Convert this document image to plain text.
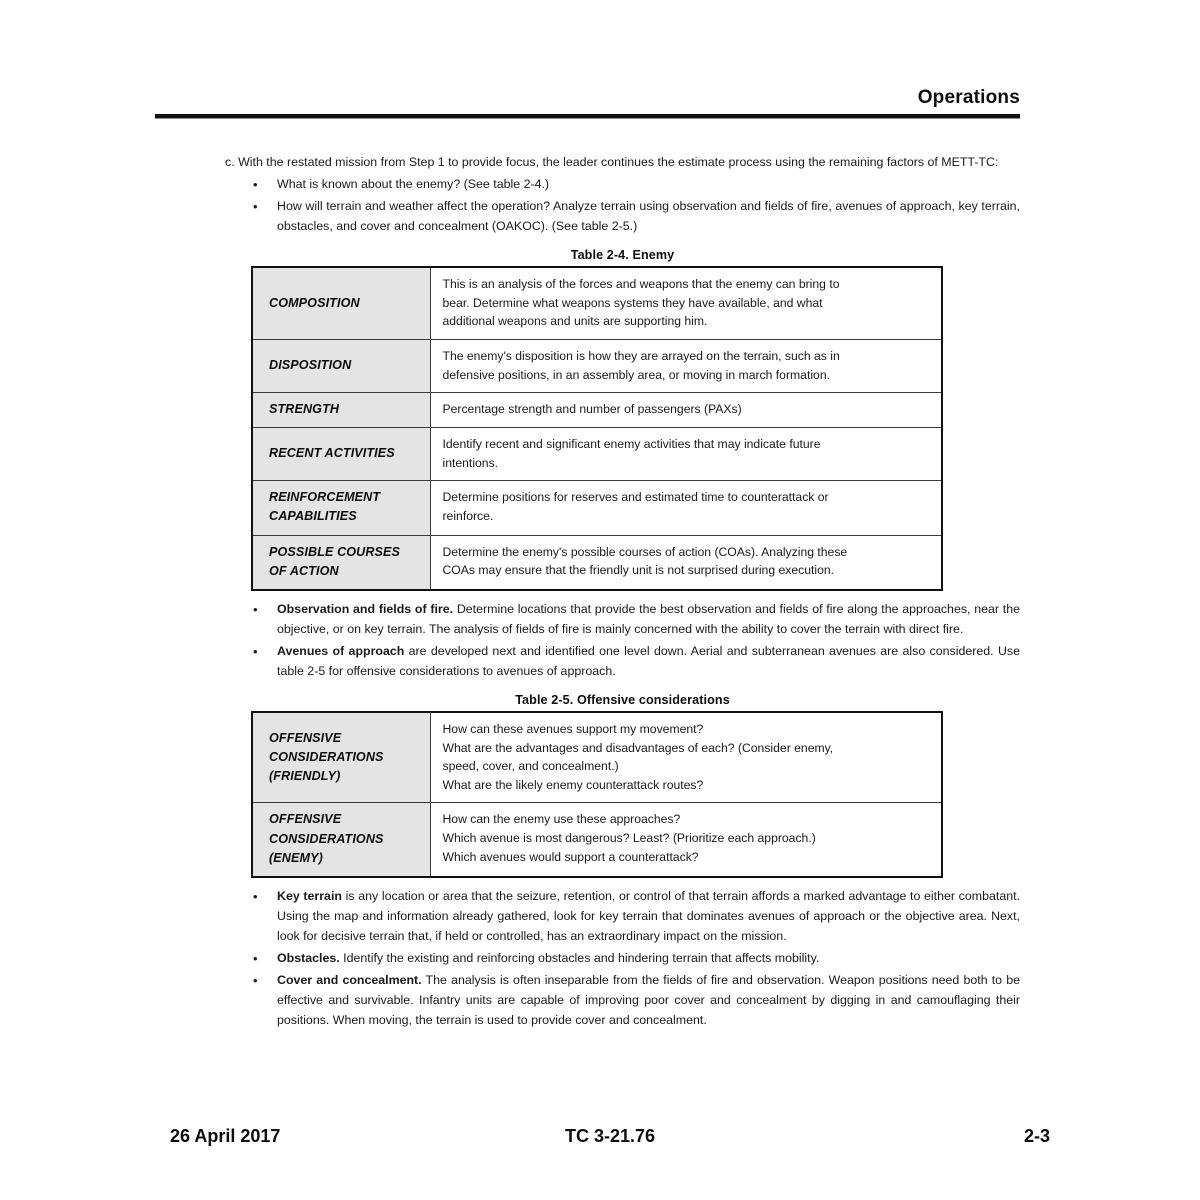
Operations

c. With the restated mission from Step 1 to provide focus, the leader continues the estimate process using the remaining factors of METT-TC:

• What is known about the enemy? (See table 2-4.)
• How will terrain and weather affect the operation? Analyze terrain using observation and fields of fire, avenues of approach, key terrain, obstacles, and cover and concealment (OAKOC). (See table 2-5.)
Table 2-4. Enemy
COMPOSITION	This is an analysis of the forces and weapons that the enemy can bring to
bear. Determine what weapons systems they have available, and what
additional weapons and units are supporting him.

DISPOSITION	The enemy's disposition is how they are arrayed on the terrain, such as in
defensive positions, in an assembly area, or moving in march formation.

STRENGTH	Percentage strength and number of passengers (PAXs)

RECENT ACTIVITIES	Identify recent and significant enemy activities that may indicate future
intentions.

REINFORCEMENT CAPABILITIES	Determine positions for reserves and estimated time to counterattack or
reinforce.

POSSIBLE COURSES OF ACTION	Determine the enemy's possible courses of action (COAs). Analyzing these
COAs may ensure that the friendly unit is not surprised during execution.
• Observation and fields of fire. Determine locations that provide the best observation and fields of fire along the approaches, near the objective, or on key terrain. The analysis of fields of fire is mainly concerned with the ability to cover the terrain with direct fire.
• Avenues of approach are developed next and identified one level down. Aerial and subterranean avenues are also considered. Use table 2-5 for offensive considerations to avenues of approach.
Table 2-5. Offensive considerations
OFFENSIVE
CONSIDERATIONS
(FRIENDLY)	How can these avenues support my movement?
What are the advantages and disadvantages of each? (Consider enemy,
speed, cover, and concealment.)
What are the likely enemy counterattack routes?

OFFENSIVE
CONSIDERATIONS
(ENEMY)	How can the enemy use these approaches?
Which avenue is most dangerous? Least? (Prioritize each approach.)
Which avenues would support a counterattack?
• Key terrain is any location or area that the seizure, retention, or control of that terrain affords a marked advantage to either combatant. Using the map and information already gathered, look for key terrain that dominates avenues of approach or the objective area. Next, look for decisive terrain that, if held or controlled, has an extraordinary impact on the mission.
• Obstacles. Identify the existing and reinforcing obstacles and hindering terrain that affects mobility.
• Cover and concealment. The analysis is often inseparable from the fields of fire and observation. Weapon positions need both to be effective and survivable. Infantry units are capable of improving poor cover and concealment by digging in and camouflaging their positions. When moving, the terrain is used to provide cover and concealment.
26 April 2017	TC 3-21.76	2-3
